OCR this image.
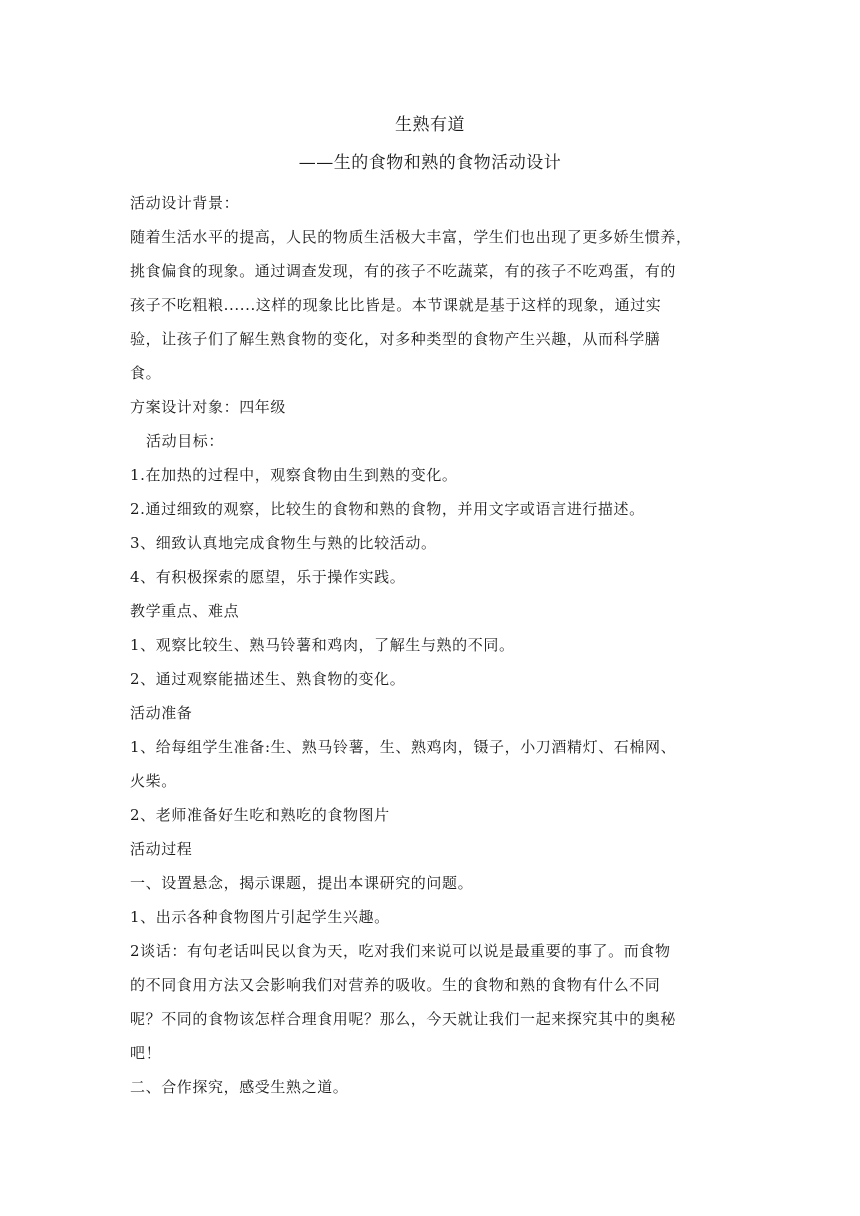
生熟有道
——生的食物和熟的食物活动设计
活动设计背景：
随着生活水平的提高，人民的物质生活极大丰富，学生们也出现了更多娇生惯养，
挑食偏食的现象。通过调查发现，有的孩子不吃蔬菜，有的孩子不吃鸡蛋，有的
孩子不吃粗粮......这样的现象比比皆是。本节课就是基于这样的现象，通过实
验，让孩子们了解生熟食物的变化，对多种类型的食物产生兴趣，从而科学膳
食。
方案设计对象：四年级
活动目标：
1.在加热的过程中，观察食物由生到熟的变化。
2.通过细致的观察，比较生的食物和熟的食物，并用文字或语言进行描述。
3、细致认真地完成食物生与熟的比较活动。
4、有积极探索的愿望，乐于操作实践。
教学重点、难点
1、观察比较生、熟马铃薯和鸡肉，了解生与熟的不同。
2、通过观察能描述生、熟食物的变化。
活动准备
1、给每组学生准备:生、熟马铃薯，生、熟鸡肉，镊子，小刀酒精灯、石棉网、
火柴。
2、老师准备好生吃和熟吃的食物图片
活动过程
一、设置悬念，揭示课题，提出本课研究的问题。
1、出示各种食物图片引起学生兴趣。
2谈话：有句老话叫民以食为天，吃对我们来说可以说是最重要的事了。而食物
的不同食用方法又会影响我们对营养的吸收。生的食物和熟的食物有什么不同
呢？不同的食物该怎样合理食用呢？那么，今天就让我们一起来探究其中的奥秘
吧！
二、合作探究，感受生熟之道。
